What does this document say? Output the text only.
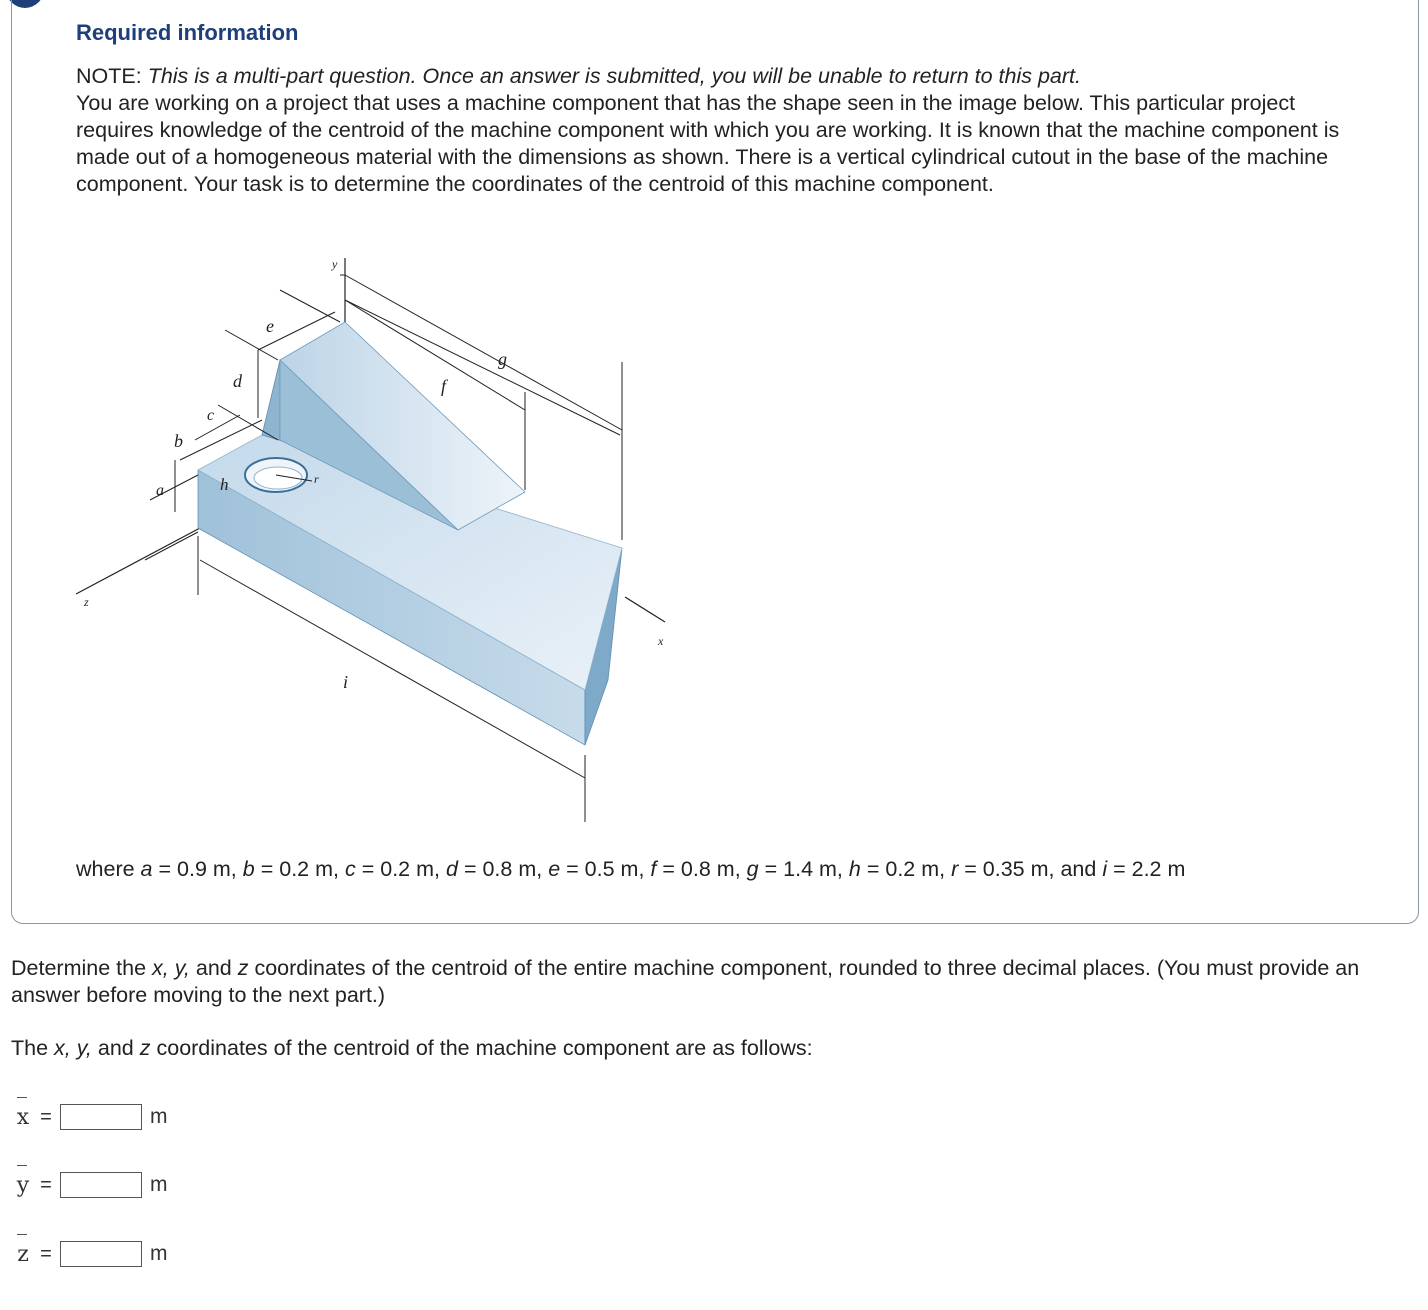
Required information
NOTE: This is a multi-part question. Once an answer is submitted, you will be unable to return to this part.
You are working on a project that uses a machine component that has the shape seen in the image below. This particular project requires knowledge of the centroid of the machine component with which you are working. It is known that the machine component is made out of a homogeneous material with the dimensions as shown. There is a vertical cylindrical cutout in the base of the machine component. Your task is to determine the coordinates of the centroid of this machine component.
y
e
g
d	f
c
b
a	h	r
z
x
i
where a = 0.9 m, b = 0.2 m, c = 0.2 m, d = 0.8 m, e = 0.5 m, f = 0.8 m, g = 1.4 m, h = 0.2 m, r = 0.35 m, and i = 2.2 m
Determine the x, y, and z coordinates of the centroid of the entire machine component, rounded to three decimal places. (You must provide an answer before moving to the next part.)
The x, y, and z coordinates of the centroid of the machine component are as follows:
x =	m
y =	m
z =	m
